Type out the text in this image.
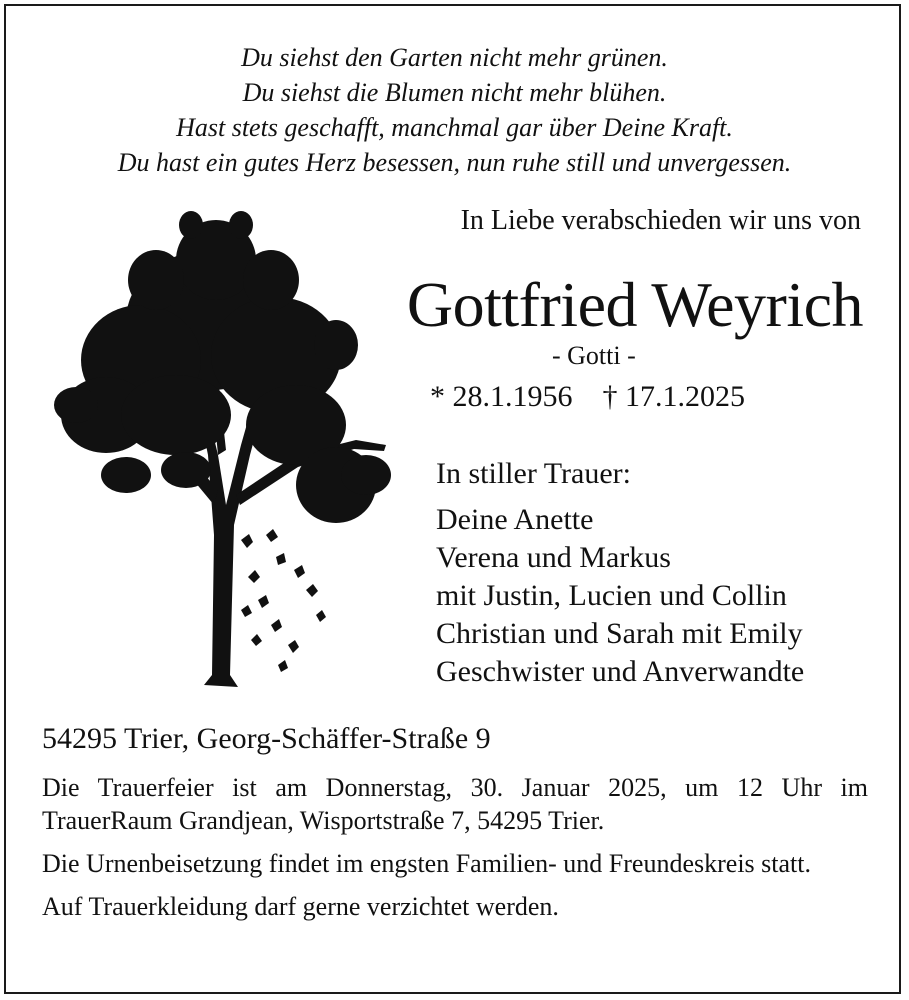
Du siehst den Garten nicht mehr grünen.
Du siehst die Blumen nicht mehr blühen.
Hast stets geschafft, manchmal gar über Deine Kraft.
Du hast ein gutes Herz besessen, nun ruhe still und unvergessen.
In Liebe verabschieden wir uns von
Gottfried Weyrich
- Gotti -
* 28.1.1956 † 17.1.2025
In stiller Trauer:
Deine Anette
Verena und Markus
mit Justin, Lucien und Collin
Christian und Sarah mit Emily
Geschwister und Anverwandte
54295 Trier, Georg-Schäffer-Straße 9

Die Trauerfeier ist am Donnerstag, 30. Januar 2025, um 12 Uhr im TrauerRaum Grandjean, Wisportstraße 7, 54295 Trier.

Die Urnenbeisetzung findet im engsten Familien- und Freundeskreis statt.

Auf Trauerkleidung darf gerne verzichtet werden.
